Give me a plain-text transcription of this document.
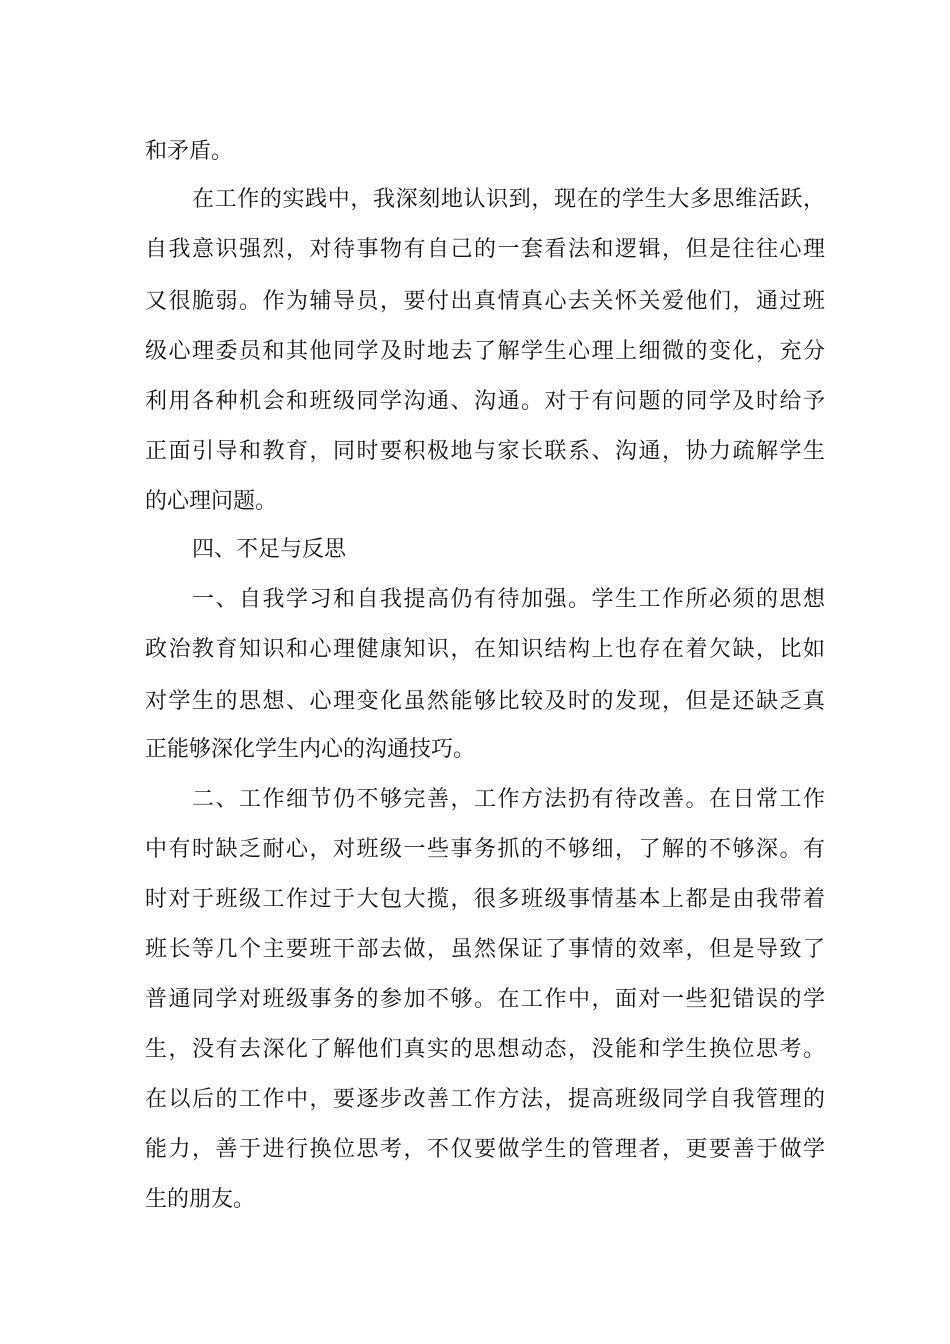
和矛盾。
在工作的实践中，我深刻地认识到，现在的学生大多思维活跃，
自我意识强烈，对待事物有自己的一套看法和逻辑，但是往往心理
又很脆弱。作为辅导员，要付出真情真心去关怀关爱他们，通过班
级心理委员和其他同学及时地去了解学生心理上细微的变化，充分
利用各种机会和班级同学沟通、沟通。对于有问题的同学及时给予
正面引导和教育，同时要积极地与家长联系、沟通，协力疏解学生
的心理问题。
四、不足与反思
一、自我学习和自我提高仍有待加强。学生工作所必须的思想
政治教育知识和心理健康知识，在知识结构上也存在着欠缺，比如
对学生的思想、心理变化虽然能够比较及时的发现，但是还缺乏真
正能够深化学生内心的沟通技巧。
二、工作细节仍不够完善，工作方法扔有待改善。在日常工作
中有时缺乏耐心，对班级一些事务抓的不够细，了解的不够深。有
时对于班级工作过于大包大揽，很多班级事情基本上都是由我带着
班长等几个主要班干部去做，虽然保证了事情的效率，但是导致了
普通同学对班级事务的参加不够。在工作中，面对一些犯错误的学
生，没有去深化了解他们真实的思想动态，没能和学生换位思考。
在以后的工作中，要逐步改善工作方法，提高班级同学自我管理的
能力，善于进行换位思考，不仅要做学生的管理者，更要善于做学
生的朋友。
